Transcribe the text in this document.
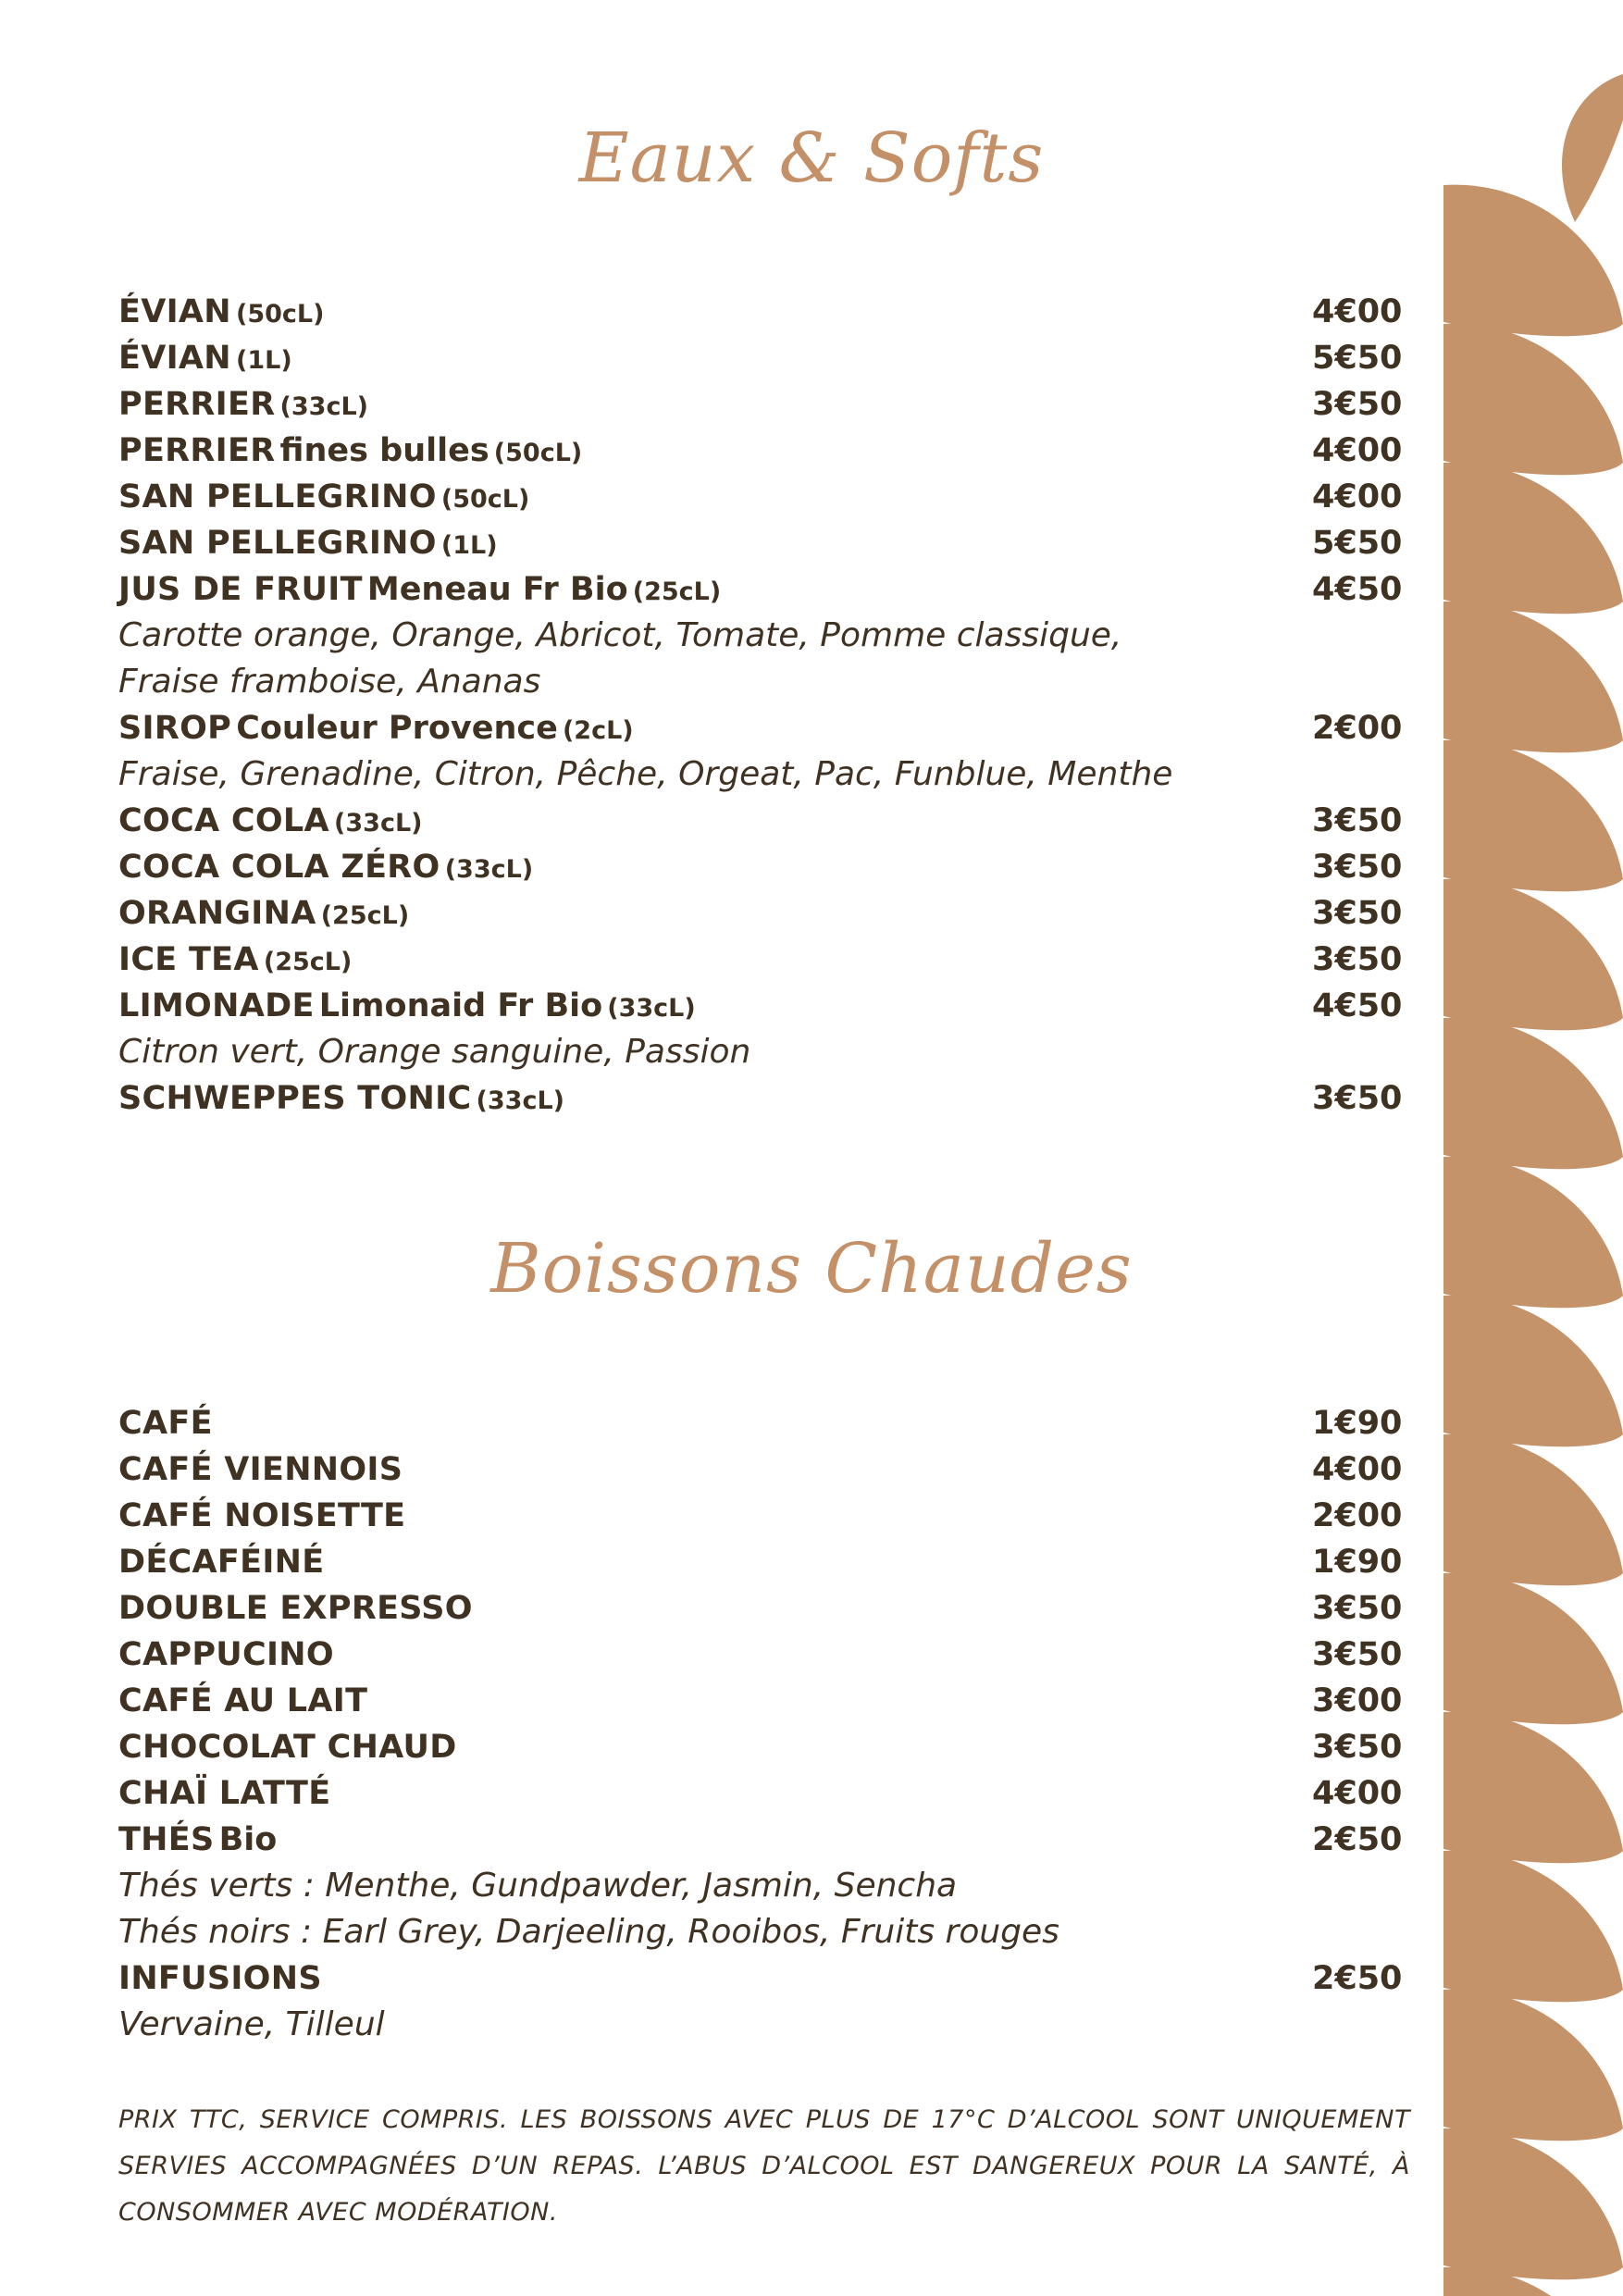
Eaux & Softs
ÉVIAN (50cL)	4€00
ÉVIAN (1L)	5€50
PERRIER (33cL)	3€50
PERRIER fines bulles (50cL)	4€00
SAN PELLEGRINO (50cL)	4€00
SAN PELLEGRINO (1L)	5€50
JUS DE FRUIT Meneau Fr Bio (25cL)	4€50
Carotte orange, Orange, Abricot, Tomate, Pomme classique,
Fraise framboise, Ananas
SIROP Couleur Provence (2cL)	2€00
Fraise, Grenadine, Citron, Pêche, Orgeat, Pac, Funblue, Menthe
COCA COLA (33cL)	3€50
COCA COLA ZÉRO (33cL)	3€50
ORANGINA (25cL)	3€50
ICE TEA (25cL)	3€50
LIMONADE Limonaid Fr Bio (33cL)	4€50
Citron vert, Orange sanguine, Passion
SCHWEPPES TONIC (33cL)	3€50
Boissons Chaudes
CAFÉ	1€90
CAFÉ VIENNOIS	4€00
CAFÉ NOISETTE	2€00
DÉCAFÉINÉ	1€90
DOUBLE EXPRESSO	3€50
CAPPUCINO	3€50
CAFÉ AU LAIT	3€00
CHOCOLAT CHAUD	3€50
CHAÏ LATTÉ	4€00
THÉS Bio	2€50
Thés verts : Menthe, Gundpawder, Jasmin, Sencha
Thés noirs : Earl Grey, Darjeeling, Rooibos, Fruits rouges
INFUSIONS	2€50
Vervaine, Tilleul
PRIX TTC, SERVICE COMPRIS. LES BOISSONS AVEC PLUS DE 17°C D’ALCOOL SONT UNIQUEMENT SERVIES ACCOMPAGNÉES D’UN REPAS. L’ABUS D’ALCOOL EST DANGEREUX POUR LA SANTÉ, À CONSOMMER AVEC MODÉRATION.
